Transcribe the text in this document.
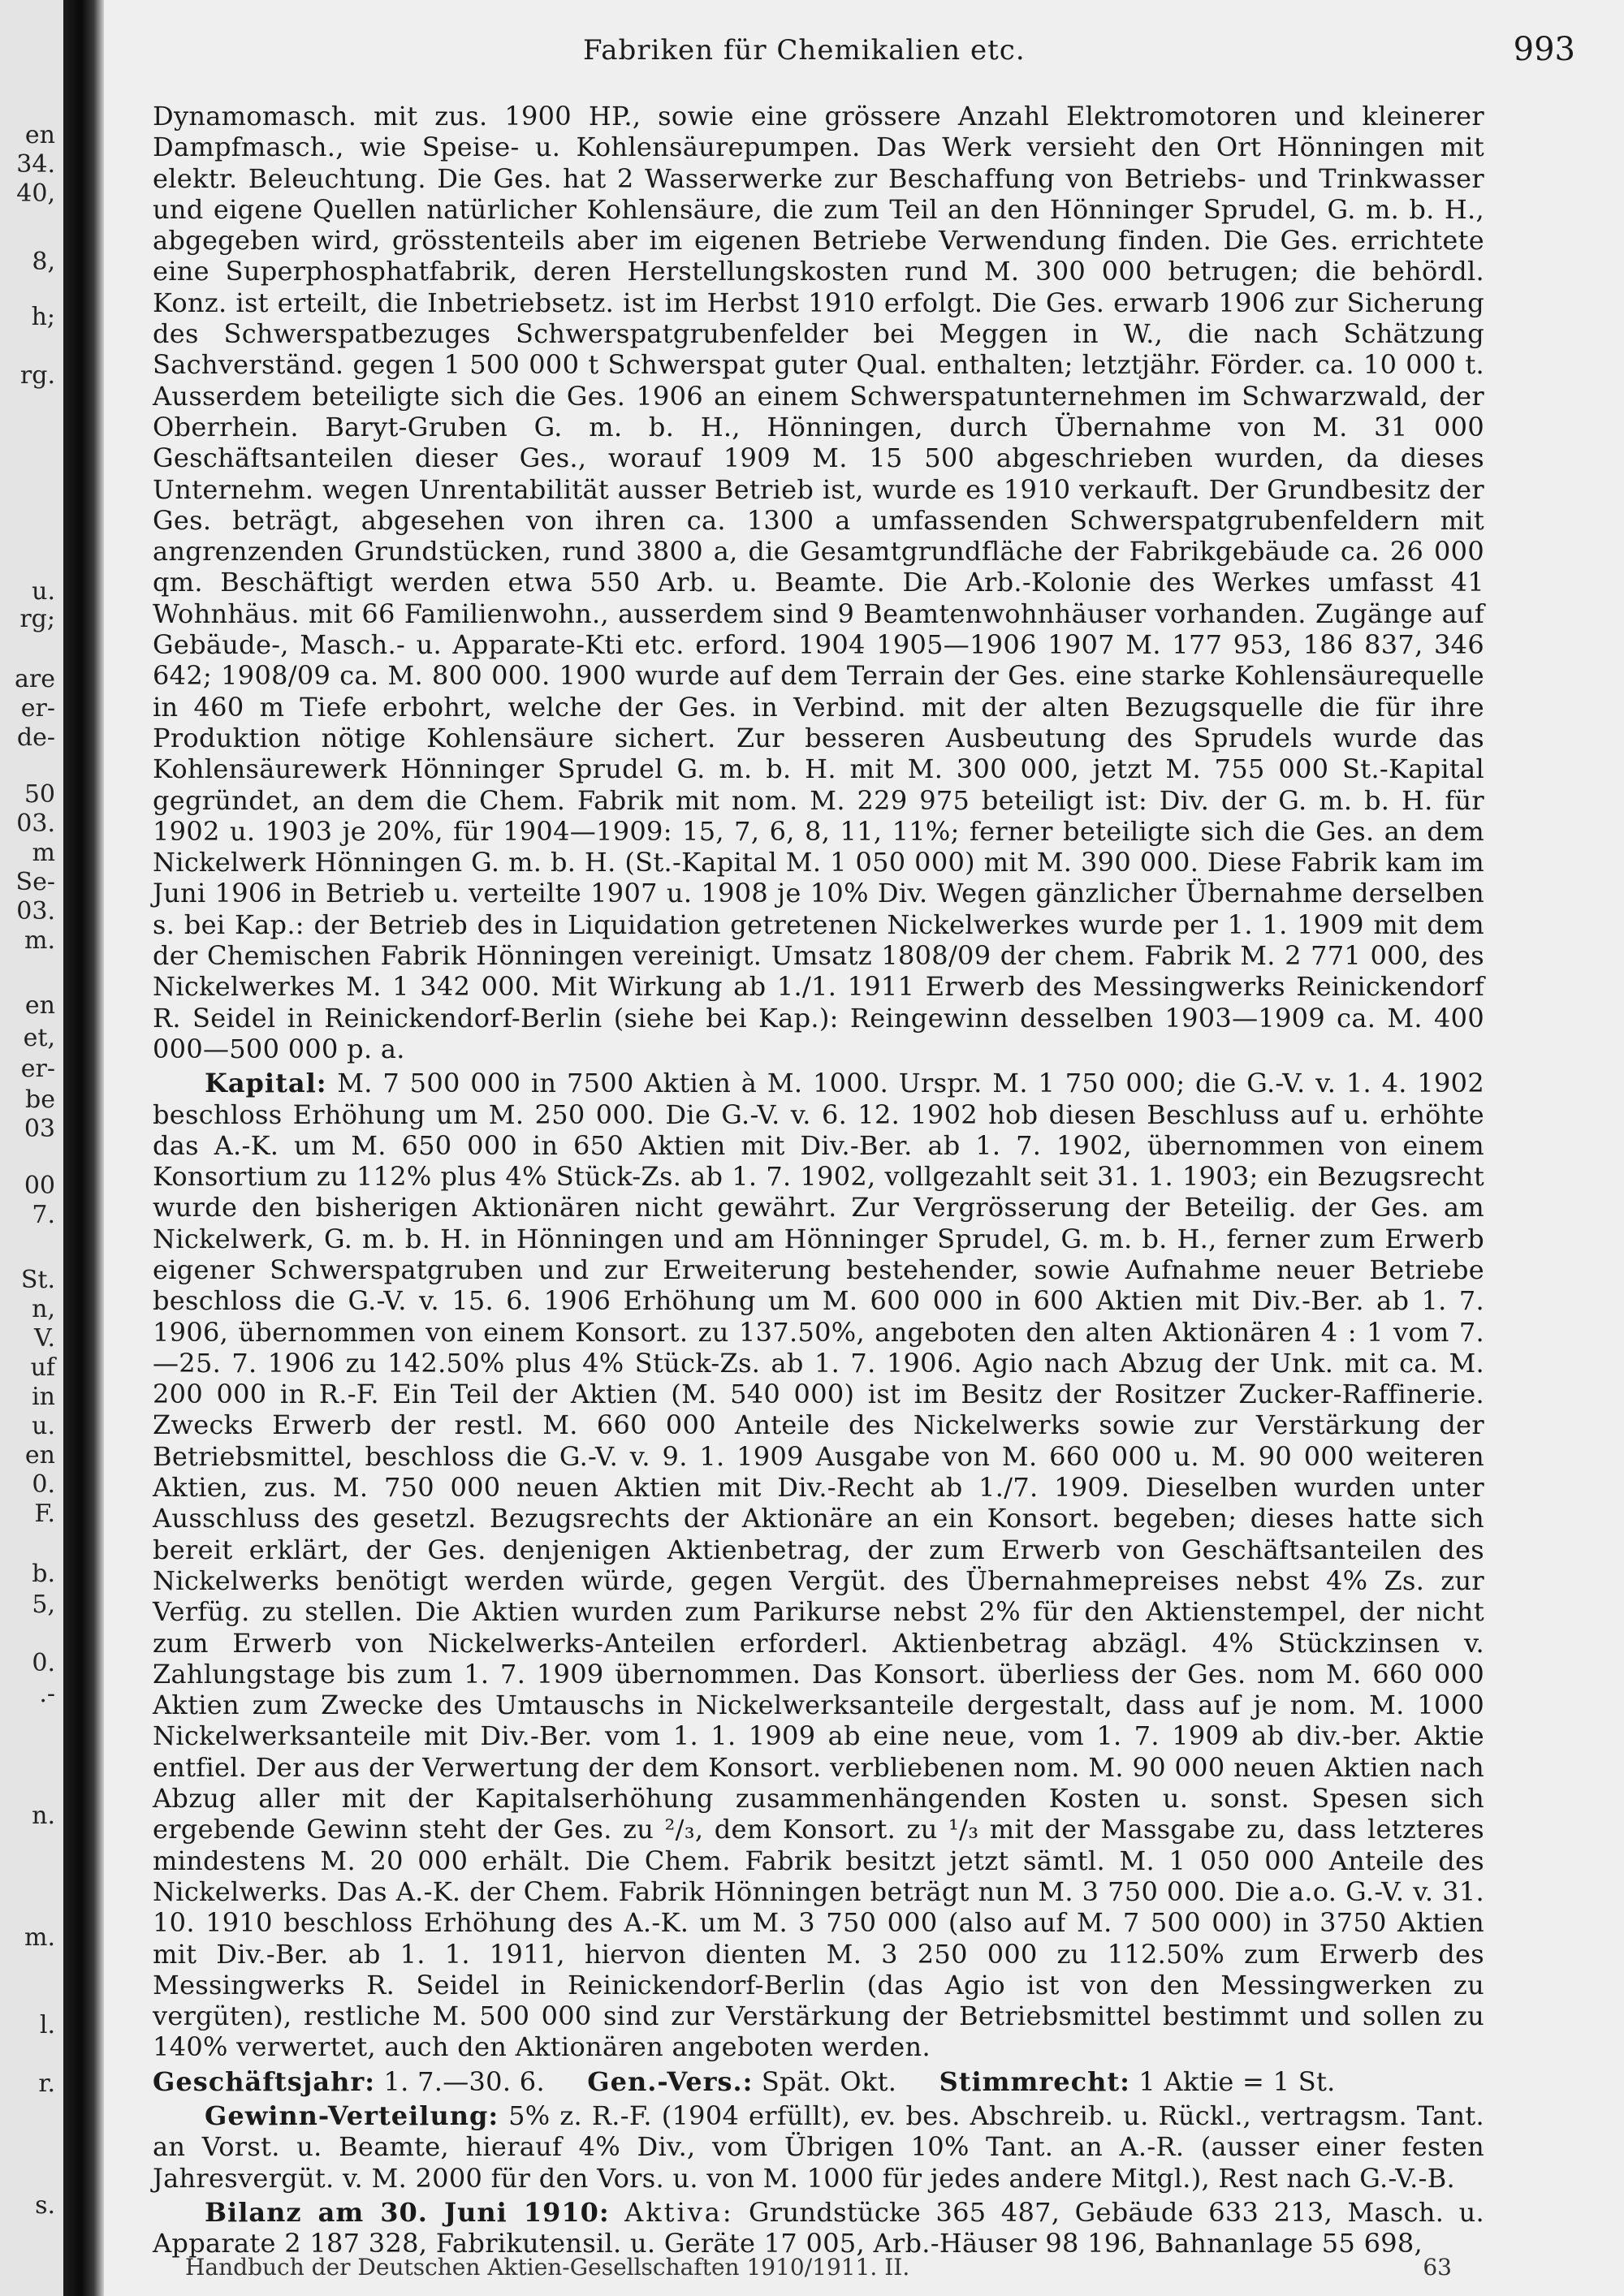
en
34.
40,
8,
h;
rg.
u.
rg;
are
er-
de-
50
03.
m
Se-
03.
m.
en
et,
er-
be
03
00
7.
St.
n,
V.
uf
in
u.
en
0.
F.
b.
5,
0.
.-
n.
m.
l.
r.
s.
Fabriken für Chemikalien etc.	993

Dynamomasch. mit zus. 1900 HP., sowie eine grössere Anzahl Elektromotoren und kleinerer Dampfmasch., wie Speise- u. Kohlensäurepumpen. Das Werk versieht den Ort Hönningen mit elektr. Beleuchtung. Die Ges. hat 2 Wasserwerke zur Beschaffung von Betriebs- und Trinkwasser und eigene Quellen natürlicher Kohlensäure, die zum Teil an den Hönninger Sprudel, G. m. b. H., abgegeben wird, grösstenteils aber im eigenen Betriebe Verwendung finden. Die Ges. errichtete eine Superphosphatfabrik, deren Herstellungskosten rund M. 300 000 betrugen; die behördl. Konz. ist erteilt, die Inbetriebsetz. ist im Herbst 1910 erfolgt. Die Ges. erwarb 1906 zur Sicherung des Schwerspatbezuges Schwerspatgrubenfelder bei Meggen in W., die nach Schätzung Sachverständ. gegen 1 500 000 t Schwerspat guter Qual. enthalten; letztjähr. Förder. ca. 10 000 t. Ausserdem beteiligte sich die Ges. 1906 an einem Schwerspatunternehmen im Schwarzwald, der Oberrhein. Baryt-Gruben G. m. b. H., Hönningen, durch Übernahme von M. 31 000 Geschäftsanteilen dieser Ges., worauf 1909 M. 15 500 abgeschrieben wurden, da dieses Unternehm. wegen Unrentabilität ausser Betrieb ist, wurde es 1910 verkauft. Der Grundbesitz der Ges. beträgt, abgesehen von ihren ca. 1300 a umfassenden Schwerspatgrubenfeldern mit angrenzenden Grundstücken, rund 3800 a, die Gesamtgrundfläche der Fabrikgebäude ca. 26 000 qm. Beschäftigt werden etwa 550 Arb. u. Beamte. Die Arb.-Kolonie des Werkes umfasst 41 Wohnhäus. mit 66 Familienwohn., ausserdem sind 9 Beamtenwohnhäuser vorhanden. Zugänge auf Gebäude-, Masch.- u. Apparate-Kti etc. erford. 1904 1905—1906 1907 M. 177 953, 186 837, 346 642; 1908/09 ca. M. 800 000. 1900 wurde auf dem Terrain der Ges. eine starke Kohlensäurequelle in 460 m Tiefe erbohrt, welche der Ges. in Verbind. mit der alten Bezugsquelle die für ihre Produktion nötige Kohlensäure sichert. Zur besseren Ausbeutung des Sprudels wurde das Kohlensäurewerk Hönninger Sprudel G. m. b. H. mit M. 300 000, jetzt M. 755 000 St.-Kapital gegründet, an dem die Chem. Fabrik mit nom. M. 229 975 beteiligt ist: Div. der G. m. b. H. für 1902 u. 1903 je 20%, für 1904—1909: 15, 7, 6, 8, 11, 11%; ferner beteiligte sich die Ges. an dem Nickelwerk Hönningen G. m. b. H. (St.-Kapital M. 1 050 000) mit M. 390 000. Diese Fabrik kam im Juni 1906 in Betrieb u. verteilte 1907 u. 1908 je 10% Div. Wegen gänzlicher Übernahme derselben s. bei Kap.: der Betrieb des in Liquidation getretenen Nickelwerkes wurde per 1. 1. 1909 mit dem der Chemischen Fabrik Hönningen vereinigt. Umsatz 1808/09 der chem. Fabrik M. 2 771 000, des Nickelwerkes M. 1 342 000. Mit Wirkung ab 1./1. 1911 Erwerb des Messingwerks Reinickendorf R. Seidel in Reinickendorf-Berlin (siehe bei Kap.): Reingewinn desselben 1903—1909 ca. M. 400 000—500 000 p. a.

Kapital: M. 7 500 000 in 7500 Aktien à M. 1000. Urspr. M. 1 750 000; die G.-V. v. 1. 4. 1902 beschloss Erhöhung um M. 250 000. Die G.-V. v. 6. 12. 1902 hob diesen Beschluss auf u. erhöhte das A.-K. um M. 650 000 in 650 Aktien mit Div.-Ber. ab 1. 7. 1902, übernommen von einem Konsortium zu 112% plus 4% Stück-Zs. ab 1. 7. 1902, vollgezahlt seit 31. 1. 1903; ein Bezugsrecht wurde den bisherigen Aktionären nicht gewährt. Zur Vergrösserung der Beteilig. der Ges. am Nickelwerk, G. m. b. H. in Hönningen und am Hönninger Sprudel, G. m. b. H., ferner zum Erwerb eigener Schwerspatgruben und zur Erweiterung bestehender, sowie Aufnahme neuer Betriebe beschloss die G.-V. v. 15. 6. 1906 Erhöhung um M. 600 000 in 600 Aktien mit Div.-Ber. ab 1. 7. 1906, übernommen von einem Konsort. zu 137.50%, angeboten den alten Aktionären 4 : 1 vom 7.—25. 7. 1906 zu 142.50% plus 4% Stück-Zs. ab 1. 7. 1906. Agio nach Abzug der Unk. mit ca. M. 200 000 in R.-F. Ein Teil der Aktien (M. 540 000) ist im Besitz der Rositzer Zucker-Raffinerie. Zwecks Erwerb der restl. M. 660 000 Anteile des Nickelwerks sowie zur Verstärkung der Betriebsmittel, beschloss die G.-V. v. 9. 1. 1909 Ausgabe von M. 660 000 u. M. 90 000 weiteren Aktien, zus. M. 750 000 neuen Aktien mit Div.-Recht ab 1./7. 1909. Dieselben wurden unter Ausschluss des gesetzl. Bezugsrechts der Aktionäre an ein Konsort. begeben; dieses hatte sich bereit erklärt, der Ges. denjenigen Aktienbetrag, der zum Erwerb von Geschäftsanteilen des Nickelwerks benötigt werden würde, gegen Vergüt. des Übernahmepreises nebst 4% Zs. zur Verfüg. zu stellen. Die Aktien wurden zum Parikurse nebst 2% für den Aktienstempel, der nicht zum Erwerb von Nickelwerks-Anteilen erforderl. Aktienbetrag abzägl. 4% Stückzinsen v. Zahlungstage bis zum 1. 7. 1909 übernommen. Das Konsort. überliess der Ges. nom M. 660 000 Aktien zum Zwecke des Umtauschs in Nickelwerksanteile dergestalt, dass auf je nom. M. 1000 Nickelwerksanteile mit Div.-Ber. vom 1. 1. 1909 ab eine neue, vom 1. 7. 1909 ab div.-ber. Aktie entfiel. Der aus der Verwertung der dem Konsort. verbliebenen nom. M. 90 000 neuen Aktien nach Abzug aller mit der Kapitalserhöhung zusammenhängenden Kosten u. sonst. Spesen sich ergebende Gewinn steht der Ges. zu ²/₃, dem Konsort. zu ¹/₃ mit der Massgabe zu, dass letzteres mindestens M. 20 000 erhält. Die Chem. Fabrik besitzt jetzt sämtl. M. 1 050 000 Anteile des Nickelwerks. Das A.-K. der Chem. Fabrik Hönningen beträgt nun M. 3 750 000. Die a.o. G.-V. v. 31. 10. 1910 beschloss Erhöhung des A.-K. um M. 3 750 000 (also auf M. 7 500 000) in 3750 Aktien mit Div.-Ber. ab 1. 1. 1911, hiervon dienten M. 3 250 000 zu 112.50% zum Erwerb des Messingwerks R. Seidel in Reinickendorf-Berlin (das Agio ist von den Messingwerken zu vergüten), restliche M. 500 000 sind zur Verstärkung der Betriebsmittel bestimmt und sollen zu 140% verwertet, auch den Aktionären angeboten werden.

Geschäftsjahr: 1. 7.—30. 6. Gen.-Vers.: Spät. Okt. Stimmrecht: 1 Aktie = 1 St.

Gewinn-Verteilung: 5% z. R.-F. (1904 erfüllt), ev. bes. Abschreib. u. Rückl., vertragsm. Tant. an Vorst. u. Beamte, hierauf 4% Div., vom Übrigen 10% Tant. an A.-R. (ausser einer festen Jahresvergüt. v. M. 2000 für den Vors. u. von M. 1000 für jedes andere Mitgl.), Rest nach G.-V.-B.

Bilanz am 30. Juni 1910: Aktiva: Grundstücke 365 487, Gebäude 633 213, Masch. u. Apparate 2 187 328, Fabrikutensil. u. Geräte 17 005, Arb.-Häuser 98 196, Bahnanlage 55 698,

Handbuch der Deutschen Aktien-Gesellschaften 1910/1911. II.	63
